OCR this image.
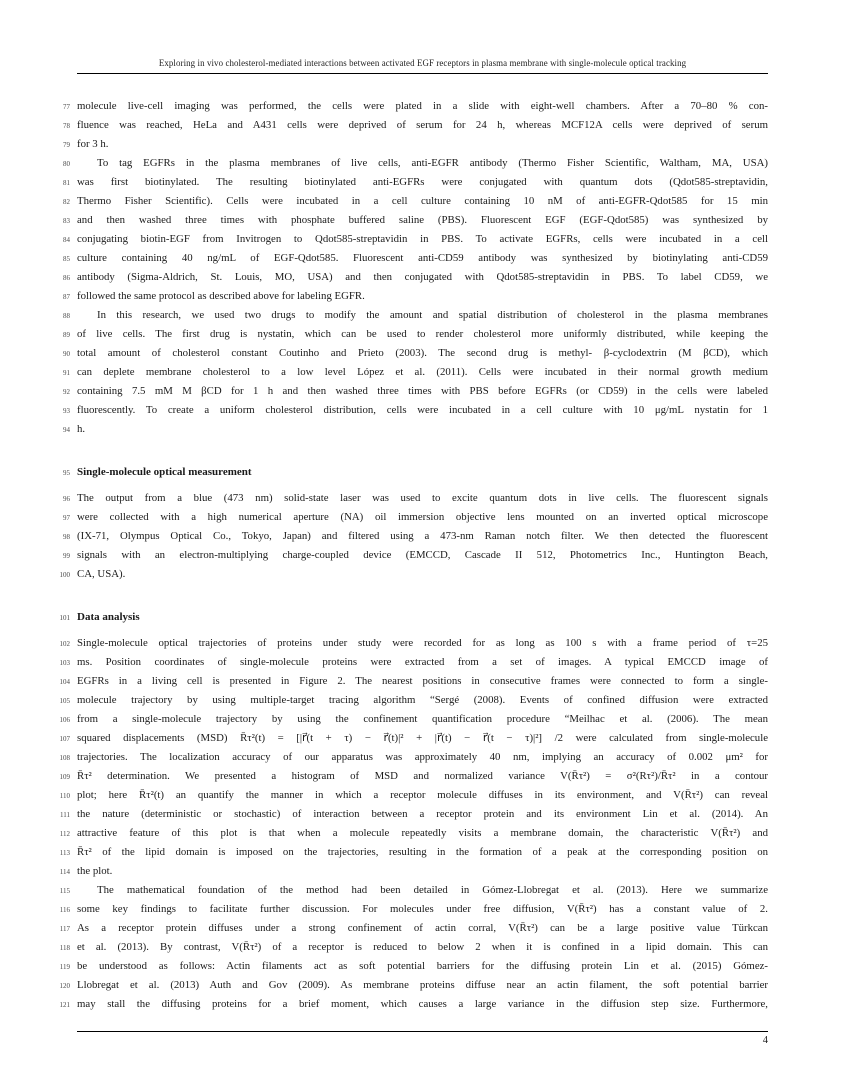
Exploring in vivo cholesterol-mediated interactions between activated EGF receptors in plasma membrane with single-molecule optical tracking
77 molecule live-cell imaging was performed, the cells were plated in a slide with eight-well chambers. After a 70–80 % con-
78 fluence was reached, HeLa and A431 cells were deprived of serum for 24 h, whereas MCF12A cells were deprived of serum
79 for 3 h.
80	To tag EGFRs in the plasma membranes of live cells, anti-EGFR antibody (Thermo Fisher Scientific, Waltham, MA, USA)
81 was first biotinylated. The resulting biotinylated anti-EGFRs were conjugated with quantum dots (Qdot585-streptavidin,
82 Thermo Fisher Scientific). Cells were incubated in a cell culture containing 10 nM of anti-EGFR-Qdot585 for 15 min
83 and then washed three times with phosphate buffered saline (PBS). Fluorescent EGF (EGF-Qdot585) was synthesized by
84 conjugating biotin-EGF from Invitrogen to Qdot585-streptavidin in PBS. To activate EGFRs, cells were incubated in a cell
85 culture containing 40 ng/mL of EGF-Qdot585. Fluorescent anti-CD59 antibody was synthesized by biotinylating anti-CD59
86 antibody (Sigma-Aldrich, St. Louis, MO, USA) and then conjugated with Qdot585-streptavidin in PBS. To label CD59, we
87 followed the same protocol as described above for labeling EGFR.
88	In this research, we used two drugs to modify the amount and spatial distribution of cholesterol in the plasma membranes
89 of live cells. The first drug is nystatin, which can be used to render cholesterol more uniformly distributed, while keeping the
90 total amount of cholesterol constant Coutinho and Prieto (2003). The second drug is methyl- β-cyclodextrin (M βCD), which
91 can deplete membrane cholesterol to a low level López et al. (2011). Cells were incubated in their normal growth medium
92 containing 7.5 mM M βCD for 1 h and then washed three times with PBS before EGFRs (or CD59) in the cells were labeled
93 fluorescently. To create a uniform cholesterol distribution, cells were incubated in a cell culture with 10 μg/mL nystatin for 1
94 h.
95 Single-molecule optical measurement
96 The output from a blue (473 nm) solid-state laser was used to excite quantum dots in live cells. The fluorescent signals
97 were collected with a high numerical aperture (NA) oil immersion objective lens mounted on an inverted optical microscope
98 (IX-71, Olympus Optical Co., Tokyo, Japan) and filtered using a 473-nm Raman notch filter. We then detected the fluorescent
99 signals with an electron-multiplying charge-coupled device (EMCCD, Cascade II 512, Photometrics Inc., Huntington Beach,
100 CA, USA).
101 Data analysis
102 Single-molecule optical trajectories of proteins under study were recorded for as long as 100 s with a frame period of τ=25
103 ms. Position coordinates of single-molecule proteins were extracted from a set of images. A typical EMCCD image of
104 EGFRs in a living cell is presented in Figure 2. The nearest positions in consecutive frames were connected to form a single-
105 molecule trajectory by using multiple-target tracing algorithm “Sergé (2008). Events of confined diffusion were extracted
106 from a single-molecule trajectory by using the confinement quantification procedure “Meilhac et al. (2006). The mean
107 squared displacements (MSD) R̄τ²(t) = [|r⃗(t + τ) − r⃗(t)|² + |r⃗(t) − r⃗(t − τ)|²] /2 were calculated from single-molecule
108 trajectories. The localization accuracy of our apparatus was approximately 40 nm, implying an accuracy of 0.002 μm² for
109 R̄τ² determination. We presented a histogram of MSD and normalized variance V(R̄τ²) = σ²(Rτ²)/R̄τ² in a contour
110 plot; here R̄τ²(t) an quantify the manner in which a receptor molecule diffuses in its environment, and V(R̄τ²) can reveal
111 the nature (deterministic or stochastic) of interaction between a receptor protein and its environment Lin et al. (2014). An
112 attractive feature of this plot is that when a molecule repeatedly visits a membrane domain, the characteristic V(R̄τ²) and
113 R̄τ² of the lipid domain is imposed on the trajectories, resulting in the formation of a peak at the corresponding position on
114 the plot.
115	The mathematical foundation of the method had been detailed in Gómez-Llobregat et al. (2013). Here we summarize
116 some key findings to facilitate further discussion. For molecules under free diffusion, V(R̄τ²) has a constant value of 2.
117 As a receptor protein diffuses under a strong confinement of actin corral, V(R̄τ²) can be a large positive value Türkcan
118 et al. (2013). By contrast, V(R̄τ²) of a receptor is reduced to below 2 when it is confined in a lipid domain. This can
119 be understood as follows: Actin filaments act as soft potential barriers for the diffusing protein Lin et al. (2015) Gómez-
120 Llobregat et al. (2013) Auth and Gov (2009). As membrane proteins diffuse near an actin filament, the soft potential barrier
121 may stall the diffusing proteins for a brief moment, which causes a large variance in the diffusion step size. Furthermore,
4
